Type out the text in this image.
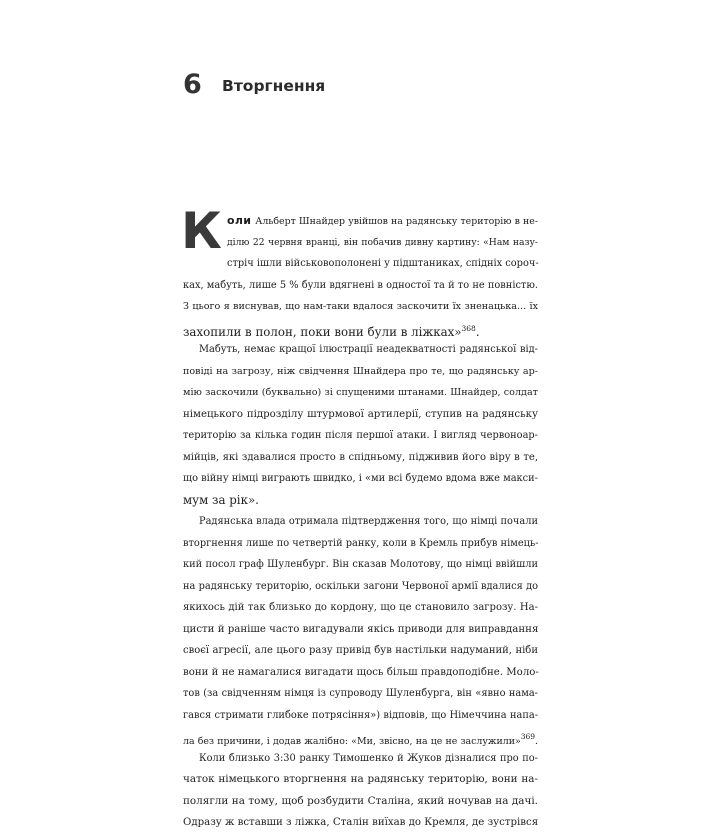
6 Вторгнення
К оли Альберт Шнайдер увійшов на радянську територію в не-
ділю 22 червня вранці, він побачив дивну картину: «Нам назу-
стріч ішли військовополонені у підштаниках, спідніх сороч-
ках, мабуть, лише 5 % були вдягнені в одностої та й то не повністю.
З цього я виснував, що нам-таки вдалося заскочити їх зненацька... їх
захопили в полон, поки вони були в ліжках»$^{368}$.
Мабуть, немає кращої ілюстрації неадекватності радянської від-
повіді на загрозу, ніж свідчення Шнайдера про те, що радянську ар-
мію заскочили (буквально) зі спущеними штанами. Шнайдер, солдат
німецького підрозділу штурмової артилерії, ступив на радянську
територію за кілька годин після першої атаки. І вигляд червоноар-
мійців, які здавалися просто в спідньому, підживив його віру в те,
що війну німці виграють швидко, і «ми всі будемо вдома вже макси-
мум за рік».
Радянська влада отримала підтвердження того, що німці почали
вторгнення лише по четвертій ранку, коли в Кремль прибув німець-
кий посол граф Шуленбург. Він сказав Молотову, що німці ввійшли
на радянську територію, оскільки загони Червоної армії вдалися до
якихось дій так близько до кордону, що це становило загрозу. На-
цисти й раніше часто вигадували якісь приводи для виправдання
своєї агресії, але цього разу привід був настільки надуманий, ніби
вони й не намагалися вигадати щось більш правдоподібне. Моло-
тов (за свідченням німця із супроводу Шуленбурга, він «явно нама-
гався стримати глибоке потрясіння») відповів, що Німеччина напа-
ла без причини, і додав жалібно: «Ми, звісно, на це не заслужили»$^{369}$.
Коли близько 3:30 ранку Тимошенко й Жуков дізналися про по-
чаток німецького вторгнення на радянську територію, вони на-
полягли на тому, щоб розбудити Сталіна, який ночував на дачі.
Одразу ж вставши з ліжка, Сталін виїхав до Кремля, де зустрівся
